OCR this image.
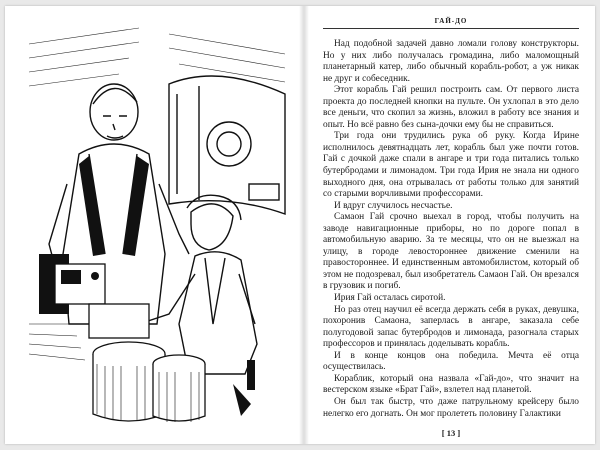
ГАЙ-ДО

Над подобной задачей давно ломали голову конструкторы. Но у них либо получалась громадина, либо маломощный планетарный катер, либо обычный корабль-робот, а уж никак не друг и собеседник.

Этот корабль Гай решил построить сам. От первого листа проекта до последней кнопки на пульте. Он ухлопал в это дело все деньги, что скопил за жизнь, вложил в работу все знания и опыт. Но всё равно без сына-дочки ему бы не справиться.

Три года они трудились рука об руку. Когда Ирине исполнилось девятнадцать лет, корабль был уже почти готов. Гай с дочкой даже спали в ангаре и три года питались только бутербродами и лимонадом. Три года Ирия не знала ни одного выходного дня, она отрывалась от работы только для занятий со старыми ворчливыми профессорами.

И вдруг случилось несчастье.

Самаон Гай срочно выехал в город, чтобы получить на заводе навигационные приборы, но по дороге попал в автомобильную аварию. За те месяцы, что он не выезжал на улицу, в городе левостороннее движение сменили на правостороннее. И единственным автомобилистом, который об этом не подозревал, был изобретатель Самаон Гай. Он врезался в грузовик и погиб.

Ирия Гай осталась сиротой.

Но раз отец научил её всегда держать себя в руках, девушка, похоронив Самаона, заперлась в ангаре, заказала себе полугодовой запас бутербродов и лимонада, разогнала старых профессоров и принялась доделывать корабль.

И в конце концов она победила. Мечта её отца осуществилась.

Кораблик, который она назвала «Гай-до», что значит на вестерском языке «Брат Гай», взлетел над планетой.

Он был так быстр, что даже патрульному крейсеру было нелегко его догнать. Он мог пролететь половину Галактики

[ 13 ]
